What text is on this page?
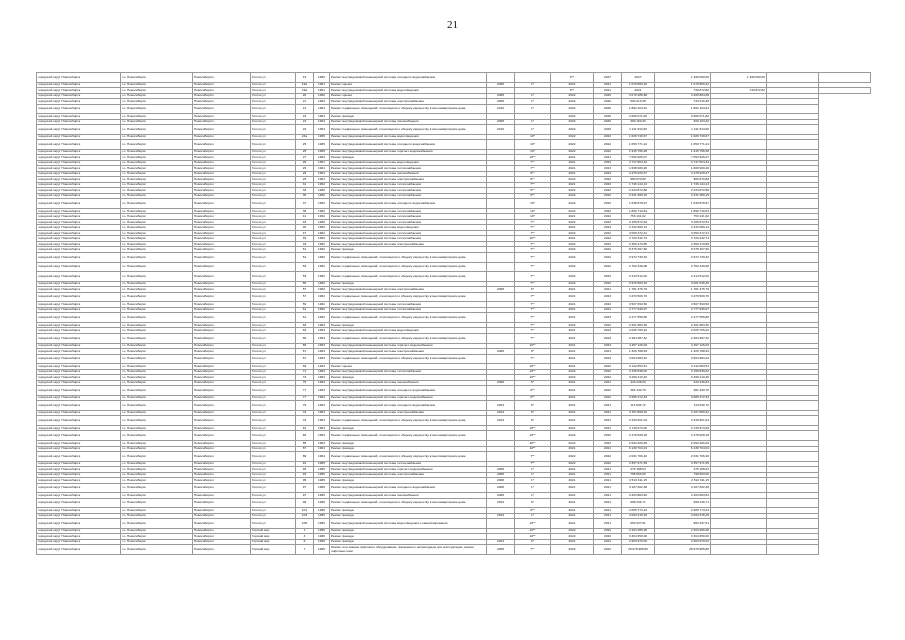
21
городской округ Новосибирск	г.о. Новосибирск	Новосибирск г	Гоголя ул	19	1960	Ремонт внутридомовой инженерной системы холодного водоснабжения			6**	2027	2027	1 496 090,00	1 496 090,00		
городской округ Новосибирск	г.о. Новосибирск	Новосибирск г	Гоголя ул	19а	1961	Ремонт крыши	2008	1*	2021	2021	1 070 809,32	1 070 809,32			
городской округ Новосибирск	г.о. Новосибирск	Новосибирск г	Гоголя ул	19а	1961	Ремонт внутридомовой инженерной системы водоотведения			6**	2021	2021	730 872,82	730 872,82		
городской округ Новосибирск	г.о. Новосибирск	Новосибирск г	Гоголя ул	20	1960	Ремонт крыши	2008	1*	2022	2026	3 079 489,68	3 209 884,08			
городской округ Новосибирск	г.о. Новосибирск	Новосибирск г	Гоголя ул	21	1964	Ремонт внутридомовой инженерной системы электроснабжения	2008	1*	2022	2026	503 213,28	743 216,38			
городской округ Новосибирск	г.о. Новосибирск	Новосибирск г	Гоголя ул	21	1964	Ремонт подвальных помещений, относящихся к общему имуществу в многоквартирном доме	2010	1*	2022	2026	1 892 104,91	1 892 104,91			
городской округ Новосибирск	г.о. Новосибирск	Новосибирск г	Гоголя ул	24	1964	Ремонт фасада			2022	2026	2 666 071,82	2 666 071,82			
городской округ Новосибирск	г.о. Новосибирск	Новосибирск г	Гоголя ул	24	1964	Ремонт внутридомовой инженерной системы газоснабжения	2008	1*	2022	2026	309 163,32	309 163,32			
городской округ Новосибирск	г.о. Новосибирск	Новосибирск г	Гоголя ул	24	1964	Ремонт подвальных помещений, относящихся к общему имуществу в многоквартирном доме	2010	1*	2022	2026	1 211 544,60	1 211 544,60			
городской округ Новосибирск	г.о. Новосибирск	Новосибирск г	Гоголя ул	24а	1965	Ремонт внутридомовой инженерной системы водоотведения		10*	2022	2022	1 626 749,67	1 626 749,67			
городской округ Новосибирск	г.о. Новосибирск	Новосибирск г	Гоголя ул	25	1965	Ремонт внутридомовой инженерной системы холодного водоснабжения		10*	2022	2022	1 659 771,24	1 659 771,24			
городской округ Новосибирск	г.о. Новосибирск	Новосибирск г	Гоголя ул	25	1965	Ремонт внутридомовой инженерной системы горячего водоснабжения		10*	2022	2022	1 915 796,28	1 915 796,28			
городской округ Новосибирск	г.о. Новосибирск	Новосибирск г	Гоголя ул	27	1964	Ремонт фасада		10**	2021	2021	7 052 926,07	7 052 926,07			
городской округ Новосибирск	г.о. Новосибирск	Новосибирск г	Гоголя ул	29	1961	Ремонт внутридомовой инженерной системы водоотведения		7**	2021	2023	3 747 804,34	3 747 804,34			
городской округ Новосибирск	г.о. Новосибирск	Новосибирск г	Гоголя ул	29	1961	Ремонт внутридомовой инженерной системы теплоснабжения		7**	2021	2023	1 608 909,26	1 608 909,26			
городской округ Новосибирск	г.о. Новосибирск	Новосибирск г	Гоголя ул	29	1961	Ремонт внутридомовой инженерной системы газоснабжения		6**	2021	2023	3 475 020,37	3 475 020,37			
городской округ Новосибирск	г.о. Новосибирск	Новосибирск г	Гоголя ул	29	1961	Ремонт внутридомовой инженерной системы электроснабжения		6**	2022	2022	980 670,80	980 670,80			
городской округ Новосибирск	г.о. Новосибирск	Новосибирск г	Гоголя ул	31	1962	Ремонт внутридомовой инженерной системы теплоснабжения		7**	2021	2023	1 746 144,13	1 746 144,13			
городской округ Новосибирск	г.о. Новосибирск	Новосибирск г	Гоголя ул	33	1960	Ремонт внутридомовой инженерной системы теплоснабжения		6**	2022	2022	2 234 872,89	2 234 872,89			
городской округ Новосибирск	г.о. Новосибирск	Новосибирск г	Гоголя ул	35	1960	Ремонт внутридомовой инженерной системы теплоснабжения		6**	2022	2022	2 231 389,19	2 231 389,19			
городской округ Новосибирск	г.о. Новосибирск	Новосибирск г	Гоголя ул	37	1962	Ремонт внутридомовой инженерной системы холодного водоснабжения		10*	2022	2022	1 638 878,97	1 638 878,97			
городской округ Новосибирск	г.о. Новосибирск	Новосибирск г	Гоголя ул	39	1962	Ремонт внутридомовой инженерной системы теплоснабжения		10*	2022	2022	1 896 710,64	1 896 710,64			
городской округ Новосибирск	г.о. Новосибирск	Новосибирск г	Гоголя ул	41	1962	Ремонт внутридомовой инженерной системы теплоснабжения		10*	2021	2022	753 131,62	753 131,62			
городской округ Новосибирск	г.о. Новосибирск	Новосибирск г	Гоголя ул	43	1960	Ремонт внутридомовой инженерной системы теплоснабжения		7**	2022	2023	3 155 872,54	3 155 872,54			
городской округ Новосибирск	г.о. Новосибирск	Новосибирск г	Гоголя ул	45	1962	Ремонт внутридомовой инженерной системы водоотведения		7**	2021	2023	2 332 680,14	2 332 680,14			
городской округ Новосибирск	г.о. Новосибирск	Новосибирск г	Гоголя ул	47	1962	Ремонт внутридомовой инженерной системы теплоснабжения		7**	2022	2022	3 050 372,31	3 050 372,31			
городской округ Новосибирск	г.о. Новосибирск	Новосибирск г	Гоголя ул	49	1962	Ремонт внутридомовой инженерной системы теплоснабжения		10**	2021	2022	3 720 242,74	3 720 242,74			
городской округ Новосибирск	г.о. Новосибирск	Новосибирск г	Гоголя ул	49	1962	Ремонт внутридомовой инженерной системы электроснабжения		7**	2022	2022	2 356 470,85	2 356 470,85			
городской округ Новосибирск	г.о. Новосибирск	Новосибирск г	Гоголя ул	51	1962	Ремонт фасада		7**	2022	2022	8 375 307,60	8 375 307,60			
городской округ Новосибирск	г.о. Новосибирск	Новосибирск г	Гоголя ул	51	1962	Ремонт подвальных помещений, относящихся к общему имуществу в многоквартирном доме		7**	2022	2022	2 972 730,32	2 972 730,32			
городской округ Новосибирск	г.о. Новосибирск	Новосибирск г	Гоголя ул	53	1962	Ремонт подвальных помещений, относящихся к общему имуществу в многоквартирном доме		7**	2022	2022	2 762 349,08	2 762 349,08			
городской округ Новосибирск	г.о. Новосибирск	Новосибирск г	Гоголя ул	53	1962	Ремонт подвальных помещений, относящихся к общему имуществу в многоквартирном доме		7**	2022	2022	2 413 512,02	2 413 512,02			
городской округ Новосибирск	г.о. Новосибирск	Новосибирск г	Гоголя ул	55	1962	Ремонт фасада		7**	2022	2022	2 976 583,34	3 001 546,36			
городской округ Новосибирск	г.о. Новосибирск	Новосибирск г	Гоголя ул	57	1962	Ремонт внутридомовой инженерной системы электроснабжения	2008	6*	2021	2021	1 781 376,79	1 781 376,79			
городской округ Новосибирск	г.о. Новосибирск	Новосибирск г	Гоголя ул	57	1962	Ремонт подвальных помещений, относящихся к общему имуществу в многоквартирном доме		7**	2021	2023	3 470 509,70	3 470 509,70			
городской округ Новосибирск	г.о. Новосибирск	Новосибирск г	Гоголя ул	59	1962	Ремонт внутридомовой инженерной системы теплоснабжения		7**	2021	2022	3 507 693,50	3 507 693,50			
городской округ Новосибирск	г.о. Новосибирск	Новосибирск г	Гоголя ул	61	1962	Ремонт внутридомовой инженерной системы теплоснабжения		7**	2021	2021	3 777 946,07	3 777 946,07			
городской округ Новосибирск	г.о. Новосибирск	Новосибирск г	Гоголя ул	61	1962	Ремонт подвальных помещений, относящихся к общему имуществу в многоквартирном доме		7**	2021	2023	2 477 556,80	2 477 556,80			
городской округ Новосибирск	г.о. Новосибирск	Новосибирск г	Гоголя ул	63	1963	Ремонт фасада		7**	2022	2022	2 201 883,36	2 201 883,36			
городской округ Новосибирск	г.о. Новосибирск	Новосибирск г	Гоголя ул	63	1963	Ремонт внутридомовой инженерной системы водоотведения		7**	2021	2023	2 026 765,22	2 026 765,22			
городской округ Новосибирск	г.о. Новосибирск	Новосибирск г	Гоголя ул	65	1963	Ремонт подвальных помещений, относящихся к общему имуществу в многоквартирном доме		7**	2021	2023	2 484 387,32	2 484 387,32			
городской округ Новосибирск	г.о. Новосибирск	Новосибирск г	Гоголя ул	65	1963	Ремонт внутридомовой инженерной системы горячего водоснабжения		10**	2021	2023	4 457 126,03	4 457 126,03			
городской округ Новосибирск	г.о. Новосибирск	Новосибирск г	Гоголя ул	67	1963	Ремонт внутридомовой инженерной системы электроснабжения	2008	6*	2021	2021	1 329 788,93	1 329 788,93			
городской округ Новосибирск	г.о. Новосибирск	Новосибирск г	Гоголя ул	67	1963	Ремонт подвальных помещений, относящихся к общему имуществу в многоквартирном доме		7**	2021	2023	3 664 983,42	3 664 983,42			
городской округ Новосибирск	г.о. Новосибирск	Новосибирск г	Гоголя ул	69	1963	Ремонт крыши		10**	2021	2022	3 142 853,51	3 142 853,51			
городской округ Новосибирск	г.о. Новосибирск	Новосибирск г	Гоголя ул	71	1963	Ремонт внутридомовой инженерной системы теплоснабжения		10**	2022	2022	3 155 839,02	3 155 839,02			
городской округ Новосибирск	г.о. Новосибирск	Новосибирск г	Гоголя ул	73	1964	Ремонт фасада		10**	2022	2022	3 296 210,40	3 296 210,40			
городской округ Новосибирск	г.о. Новосибирск	Новосибирск г	Гоголя ул	75	1964	Ремонт внутридомовой инженерной системы газоснабжения	2008	6*	2021	2021	443 236,63	443 236,63			
городской округ Новосибирск	г.о. Новосибирск	Новосибирск г	Гоголя ул	77	1964	Ремонт внутридомовой инженерной системы холодного водоснабжения		6**	2021	2022	381 440,70	381 440,70			
городской округ Новосибирск	г.о. Новосибирск	Новосибирск г	Гоголя ул	77	1964	Ремонт внутридомовой инженерной системы горячего водоснабжения		6**	2021	2022	3 685 472,33	3 685 472,33			
городской округ Новосибирск	г.о. Новосибирск	Новосибирск г	Гоголя ул	79	1964	Ремонт внутридомовой инженерной системы холодного водоснабжения	2023	6*	2021	2021	113 646,72	113 646,72			
городской округ Новосибирск	г.о. Новосибирск	Новосибирск г	Гоголя ул	79	1964	Ремонт внутридомовой инженерной системы электроснабжения	2023	6*	2021	2021	3 157 808,32	3 157 808,32			
городской округ Новосибирск	г.о. Новосибирск	Новосибирск г	Гоголя ул	79	1964	Ремонт подвальных помещений, относящихся к общему имуществу в многоквартирном доме	2023	6*	2021	2021	2 340 901,04	2 340 901,04			
городской округ Новосибирск	г.о. Новосибирск	Новосибирск г	Гоголя ул	81	1964	Ремонт фасада		10**	2021	2021	4 730 973,06	4 730 973,06			
городской округ Новосибирск	г.о. Новосибирск	Новосибирск г	Гоголя ул	83	1964	Ремонт подвальных помещений, относящихся к общему имуществу в многоквартирном доме		10**	2022	2022	2 478 628,18	2 478 628,18			
городской округ Новосибирск	г.о. Новосибирск	Новосибирск г	Гоголя ул	85	1964	Ремонт фасада		10**	2022	2022	2 093 206,09	2 093 206,09			
городской округ Новосибирск	г.о. Новосибирск	Новосибирск г	Гоголя ул	87	1964	Ремонт фасада		10**	2021	2021	6 139 704,04	6 139 704,04			
городской округ Новосибирск	г.о. Новосибирск	Новосибирск г	Гоголя ул	89	1964	Ремонт подвальных помещений, относящихся к общему имуществу в многоквартирном доме		7**	2022	2022	2 031 706,40	2 031 706,40			
городской округ Новосибирск	г.о. Новосибирск	Новосибирск г	Гоголя ул	91	1965	Ремонт внутридомовой инженерной системы теплоснабжения		7**	2022	2022	3 357 971,59	3 357 971,59			
городской округ Новосибирск	г.о. Новосибирск	Новосибирск г	Гоголя ул	93	1965	Ремонт внутридомовой инженерной системы горячего водоснабжения	2008	1*	2021	2021	476 188,64	476 188,64			
городской округ Новосибирск	г.о. Новосибирск	Новосибирск г	Гоголя ул	93	1965	Ремонт внутридомовой инженерной системы электроснабжения	2008	1*	2021	2021	798 693,00	798 693,00			
городской округ Новосибирск	г.о. Новосибирск	Новосибирск г	Гоголя ул	95	1965	Ремонт фасада	2008	1*	2021	2021	2 513 311,15	2 513 311,15			
городской округ Новосибирск	г.о. Новосибирск	Новосибирск г	Гоголя ул	97	1965	Ремонт внутридомовой инженерной системы холодного водоснабжения	2008	1*	2021	2021	3 107 602,38	3 107 602,38			
городской округ Новосибирск	г.о. Новосибирск	Новосибирск г	Гоголя ул	97	1965	Ремонт внутридомовой инженерной системы газоснабжения	2008	1*	2021	2021	3 263 883,84	3 263 883,84			
городской округ Новосибирск	г.о. Новосибирск	Новосибирск г	Гоголя ул	99	1965	Ремонт подвальных помещений, относящихся к общему имуществу в многоквартирном доме	2023	6*	2021	2021	998 236,71	998 236,71			
городской округ Новосибирск	г.о. Новосибирск	Новосибирск г	Гоголя ул	101	1965	Ремонт фасада		6**	2021	2021	2 665 773,24	2 665 773,24			
городской округ Новосибирск	г.о. Новосибирск	Новосибирск г	Гоголя ул	103	1965	Ремонт фасада	2023	1*	2021	2021	4 093 315,29	4 093 315,29			
городской округ Новосибирск	г.о. Новосибирск	Новосибирск г	Гоголя ул	105	1965	Ремонт внутридомовой инженерной системы водоотведения и канализирования		10**	2021	2021	950 337,91	950 337,91			
городской округ Новосибирск	г.о. Новосибирск	Новосибирск г	Горский мкр	1	1966	Ремонт фасада		10**	2022	2022	2 203 289,28	2 203 289,28			
городской округ Новосибирск	г.о. Новосибирск	Новосибирск г	Горский мкр	3	1966	Ремонт фасада		10**	2022	2022	3 304 659,00	3 304 659,00			
городской округ Новосибирск	г.о. Новосибирск	Новосибирск г	Горский мкр	5	1966	Ремонт фасада	2023	6*	2021	2021	2 903 970,02	2 903 970,02			
городской округ Новосибирск	г.о. Новосибирск	Новосибирск г	Горский мкр	7	1966	Ремонт или замена лифтового оборудования, признанного непригодным для эксплуатации, ремонт лифтовых шахт	2008	7**	2022	2022	28 978 986,80	28 978 986,80			
